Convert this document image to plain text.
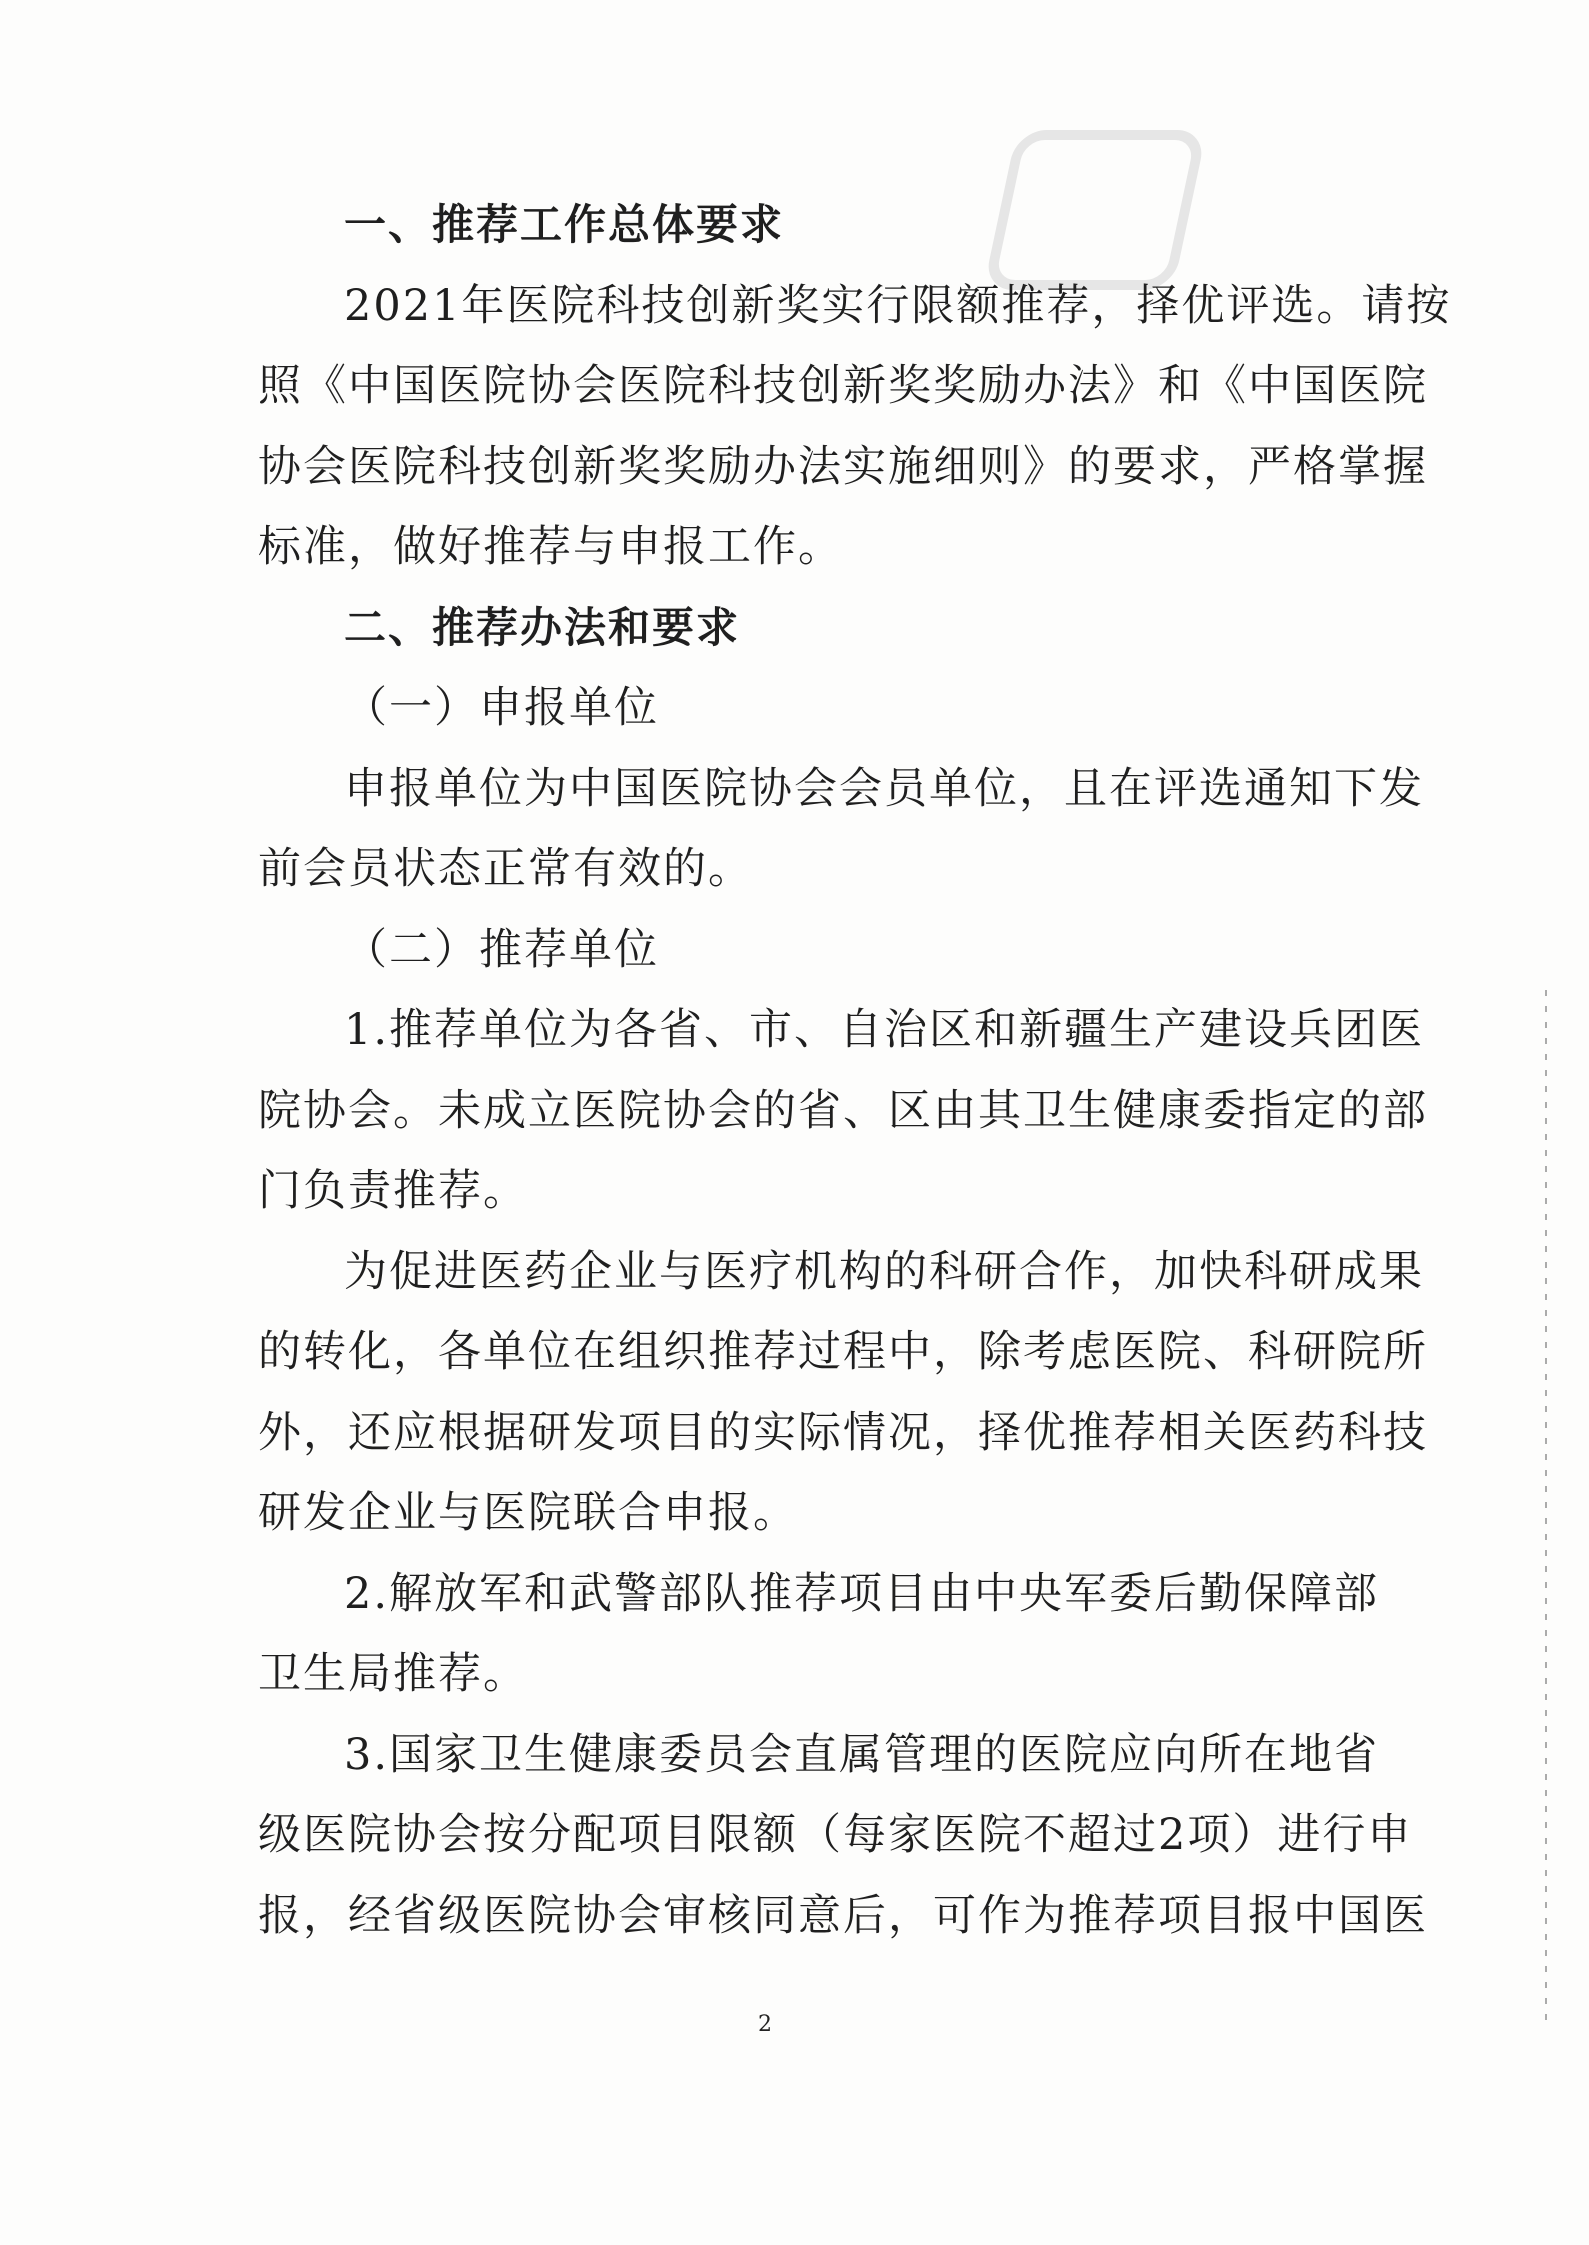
一、推荐工作总体要求

2021年医院科技创新奖实行限额推荐，择优评选。请按

照《中国医院协会医院科技创新奖奖励办法》和《中国医院

协会医院科技创新奖奖励办法实施细则》的要求，严格掌握

标准，做好推荐与申报工作。

二、推荐办法和要求

（一）申报单位

申报单位为中国医院协会会员单位，且在评选通知下发

前会员状态正常有效的。

（二）推荐单位

1.推荐单位为各省、市、自治区和新疆生产建设兵团医

院协会。未成立医院协会的省、区由其卫生健康委指定的部

门负责推荐。

为促进医药企业与医疗机构的科研合作，加快科研成果

的转化，各单位在组织推荐过程中，除考虑医院、科研院所

外，还应根据研发项目的实际情况，择优推荐相关医药科技

研发企业与医院联合申报。

2.解放军和武警部队推荐项目由中央军委后勤保障部

卫生局推荐。

3.国家卫生健康委员会直属管理的医院应向所在地省

级医院协会按分配项目限额（每家医院不超过2项）进行申

报，经省级医院协会审核同意后，可作为推荐项目报中国医

2
